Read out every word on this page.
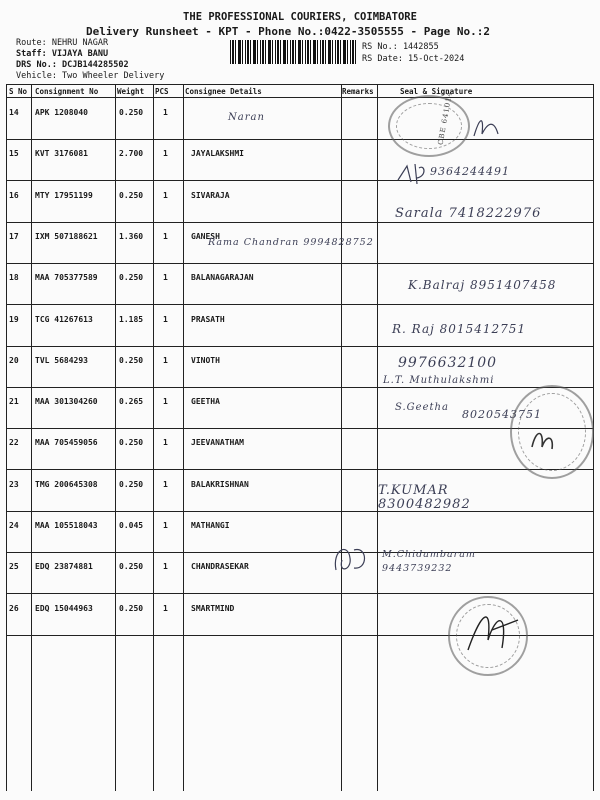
THE PROFESSIONAL COURIERS, COIMBATORE
Delivery Runsheet - KPT - Phone No.:0422-3505555 - Page No.:2
Route: NEHRU NAGAR
Staff: VIJAYA BANU
DRS No.: DCJB144285502
Vehicle: Two Wheeler Delivery
RS No.: 1442855
RS Date: 15-Oct-2024
S No Consignment No	Weight PCS Consignee Details	Remarks	Seal & Signature
14 APK 1208040	0.250 1
15 KVT 3176081	2.700 1	JAYALAKSHMI
16 MTY 17951199	0.250 1	SIVARAJA
17 IXM 507188621	1.360 1	GANESH
18 MAA 705377589	0.250 1	BALANAGARAJAN
19 TCG 41267613	1.185 1	PRASATH
20 TVL 5684293	0.250 1	VINOTH
21 MAA 301304260	0.265 1	GEETHA
22 MAA 705459056	0.250 1	JEEVANATHAM
23 TMG 200645308	0.250 1	BALAKRISHNAN
24 MAA 105518043	0.045 1	MATHANGI
25 EDQ 23874881	0.250 1	CHANDRASEKAR
26 EDQ 15044963	0.250 1	SMARTMIND
Naran
9364244491
Sarala 7418222976
Rama Chandran 9994828752
K.Balraj 8951407458
R. Raj 8015412751
9976632100
L.T. Muthulakshmi
S.Geetha
8020543751
T.KUMAR 8300482982
M.Chidambaram 9443739232
CBE 641014
